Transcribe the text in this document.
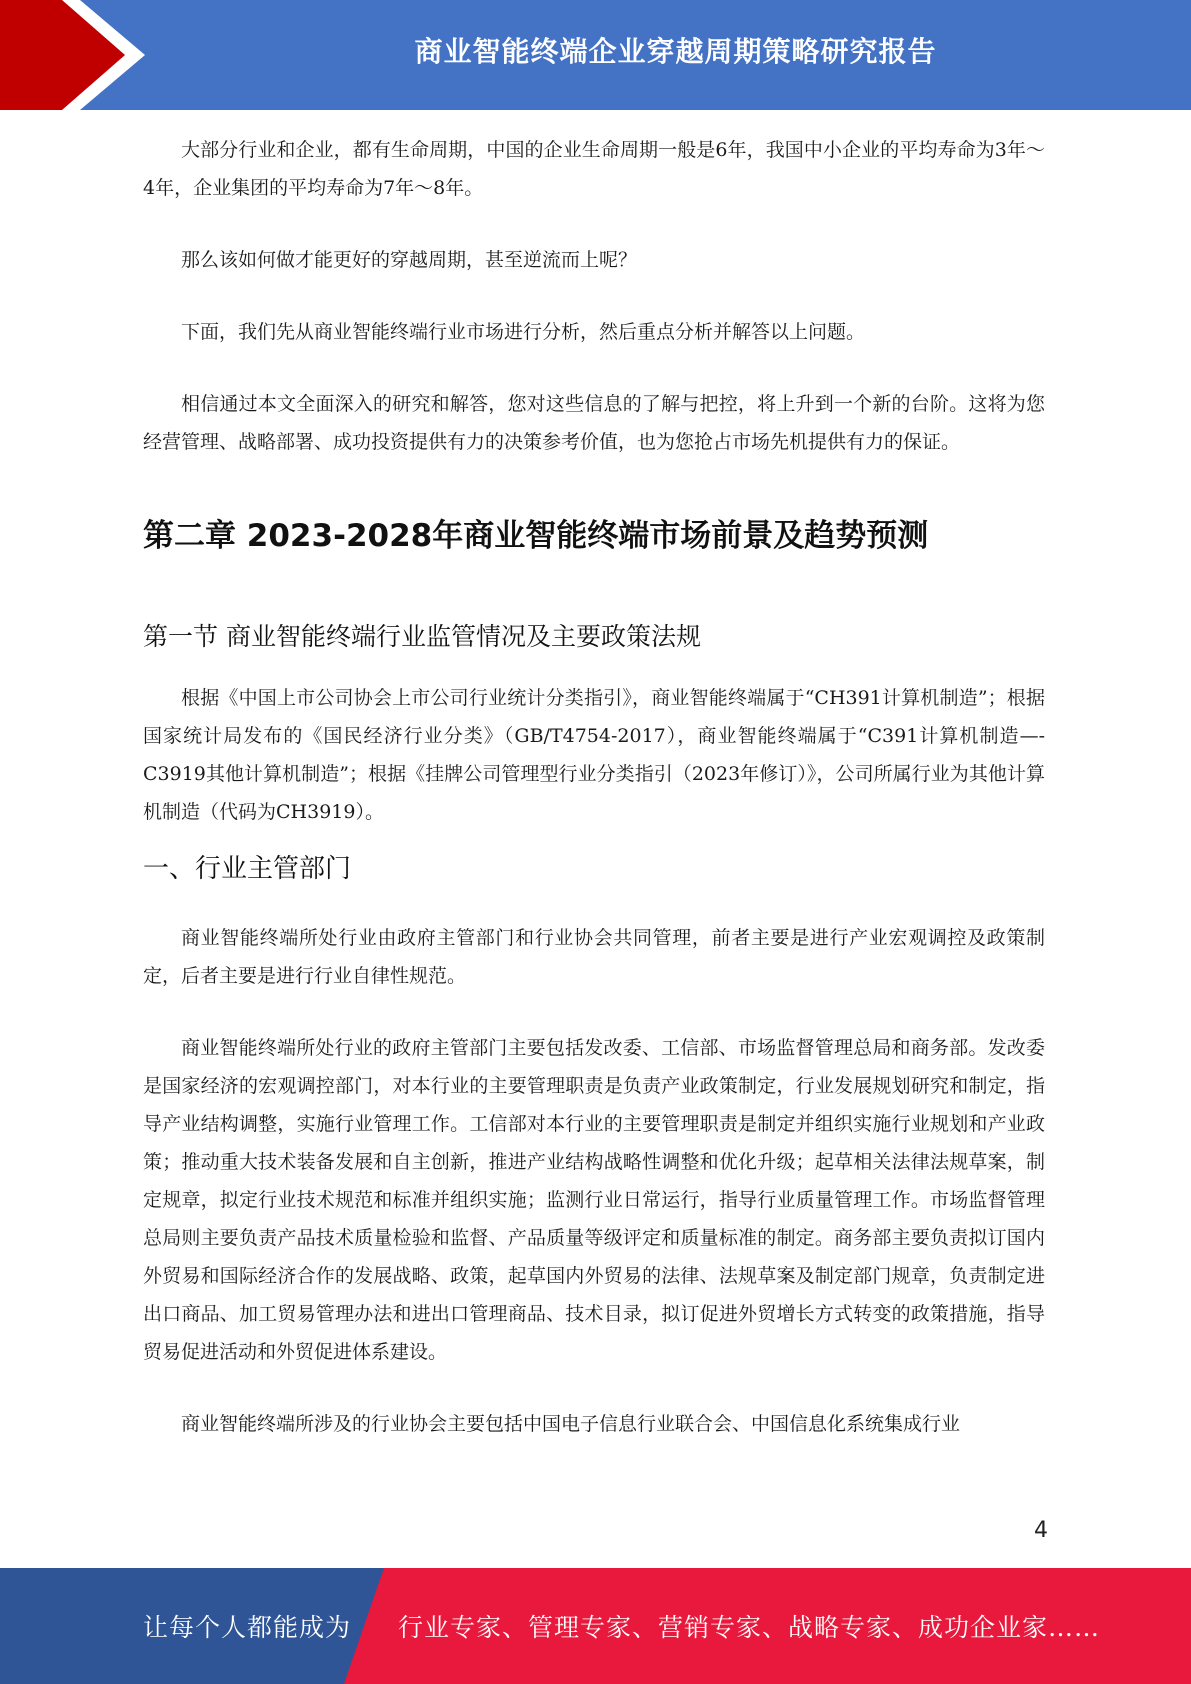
商业智能终端企业穿越周期策略研究报告

大部分行业和企业，都有生命周期，中国的企业生命周期一般是6年，我国中小企业的平均寿命为3年～4年，企业集团的平均寿命为7年～8年。

那么该如何做才能更好的穿越周期，甚至逆流而上呢？

下面，我们先从商业智能终端行业市场进行分析，然后重点分析并解答以上问题。

相信通过本文全面深入的研究和解答，您对这些信息的了解与把控，将上升到一个新的台阶。这将为您经营管理、战略部署、成功投资提供有力的决策参考价值，也为您抢占市场先机提供有力的保证。

第二章 2023-2028年商业智能终端市场前景及趋势预测
第一节 商业智能终端行业监管情况及主要政策法规

根据《中国上市公司协会上市公司行业统计分类指引》，商业智能终端属于“CH391计算机制造”；根据国家统计局发布的《国民经济行业分类》（GB/T4754-2017），商业智能终端属于“C391计算机制造—-C3919其他计算机制造”；根据《挂牌公司管理型行业分类指引（2023年修订）》，公司所属行业为其他计算机制造（代码为CH3919）。

一、行业主管部门

商业智能终端所处行业由政府主管部门和行业协会共同管理，前者主要是进行产业宏观调控及政策制定，后者主要是进行行业自律性规范。

商业智能终端所处行业的政府主管部门主要包括发改委、工信部、市场监督管理总局和商务部。发改委是国家经济的宏观调控部门，对本行业的主要管理职责是负责产业政策制定，行业发展规划研究和制定，指导产业结构调整，实施行业管理工作。工信部对本行业的主要管理职责是制定并组织实施行业规划和产业政策；推动重大技术装备发展和自主创新，推进产业结构战略性调整和优化升级；起草相关法律法规草案，制定规章，拟定行业技术规范和标准并组织实施；监测行业日常运行，指导行业质量管理工作。市场监督管理总局则主要负责产品技术质量检验和监督、产品质量等级评定和质量标准的制定。商务部主要负责拟订国内外贸易和国际经济合作的发展战略、政策，起草国内外贸易的法律、法规草案及制定部门规章，负责制定进出口商品、加工贸易管理办法和进出口管理商品、技术目录，拟订促进外贸增长方式转变的政策措施，指导贸易促进活动和外贸促进体系建设。

商业智能终端所涉及的行业协会主要包括中国电子信息行业联合会、中国信息化系统集成行业

4
让每个人都能成为 行业专家、管理专家、营销专家、战略专家、成功企业家……
